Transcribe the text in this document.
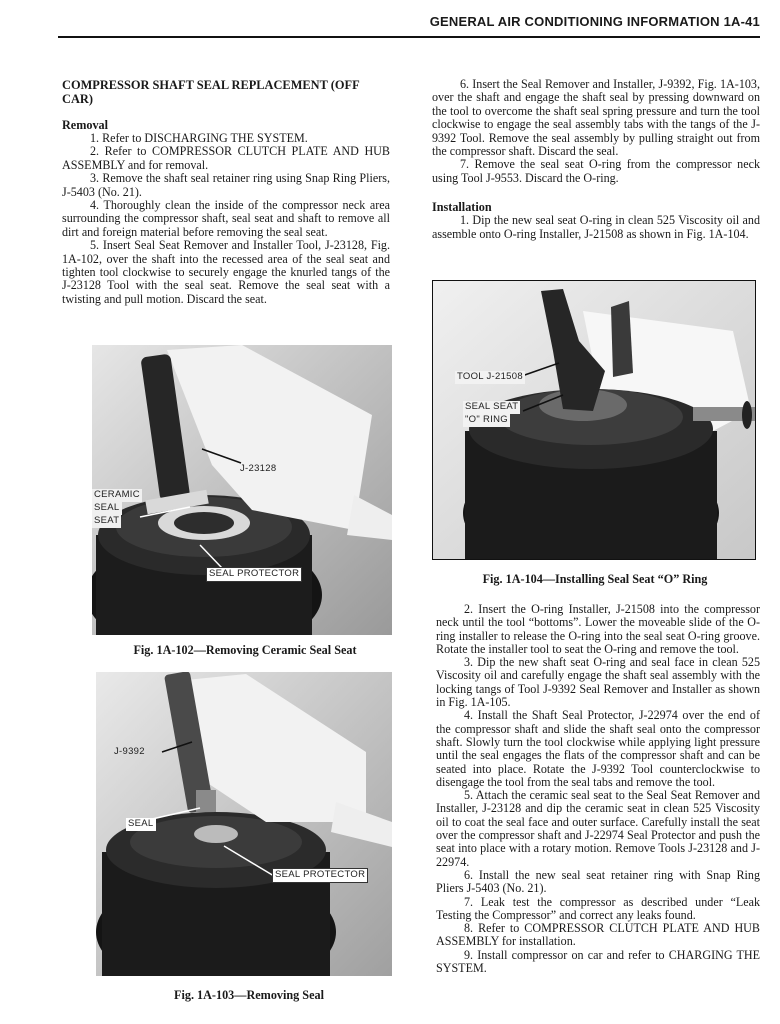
GENERAL AIR CONDITIONING INFORMATION 1A-41
COMPRESSOR SHAFT SEAL REPLACEMENT (OFF CAR)
Removal

1. Refer to DISCHARGING THE SYSTEM.

2. Refer to COMPRESSOR CLUTCH PLATE AND HUB ASSEMBLY and for removal.

3. Remove the shaft seal retainer ring using Snap Ring Pliers, J-5403 (No. 21).

4. Thoroughly clean the inside of the compressor neck area surrounding the compressor shaft, seal seat and shaft to remove all dirt and foreign material before removing the seal seat.

5. Insert Seal Seat Remover and Installer Tool, J-23128, Fig. 1A-102, over the shaft into the recessed area of the seal seat and tighten tool clockwise to securely engage the knurled tangs of the J-23128 Tool with the seal seat. Remove the seal seat with a twisting and pull motion. Discard the seat.

J-23128
CERAMIC
SEAL
SEAT
SEAL PROTECTOR
Fig. 1A-102—Removing Ceramic Seal Seat
J-9392
SEAL
SEAL PROTECTOR
Fig. 1A-103—Removing Seal

6. Insert the Seal Remover and Installer, J-9392, Fig. 1A-103, over the shaft and engage the shaft seal by pressing downward on the tool to overcome the shaft seal spring pressure and turn the tool clockwise to engage the seal assembly tabs with the tangs of the J-9392 Tool. Remove the seal assembly by pulling straight out from the compressor shaft. Discard the seal.

7. Remove the seal seat O-ring from the compressor neck using Tool J-9553. Discard the O-ring.

Installation

1. Dip the new seal seat O-ring in clean 525 Viscosity oil and assemble onto O-ring Installer, J-21508 as shown in Fig. 1A-104.

TOOL J-21508
SEAL SEAT
"O" RING
Fig. 1A-104—Installing Seal Seat “O” Ring

2. Insert the O-ring Installer, J-21508 into the compressor neck until the tool “bottoms”. Lower the moveable slide of the O-ring installer to release the O-ring into the seal seat O-ring groove. Rotate the installer tool to seat the O-ring and remove the tool.

3. Dip the new shaft seat O-ring and seal face in clean 525 Viscosity oil and carefully engage the shaft seal assembly with the locking tangs of Tool J-9392 Seal Remover and Installer as shown in Fig. 1A-105.

4. Install the Shaft Seal Protector, J-22974 over the end of the compressor shaft and slide the shaft seal onto the compressor shaft. Slowly turn the tool clockwise while applying light pressure until the seal engages the flats of the compressor shaft and can be seated into place. Rotate the J-9392 Tool counterclockwise to disengage the tool from the seal tabs and remove the tool.

5. Attach the ceramic seal seat to the Seal Seat Remover and Installer, J-23128 and dip the ceramic seat in clean 525 Viscosity oil to coat the seal face and outer surface. Carefully install the seat over the compressor shaft and J-22974 Seal Protector and push the seat into place with a rotary motion. Remove Tools J-23128 and J-22974.

6. Install the new seal seat retainer ring with Snap Ring Pliers J-5403 (No. 21).

7. Leak test the compressor as described under “Leak Testing the Compressor” and correct any leaks found.

8. Refer to COMPRESSOR CLUTCH PLATE AND HUB ASSEMBLY for installation.

9. Install compressor on car and refer to CHARGING THE SYSTEM.
